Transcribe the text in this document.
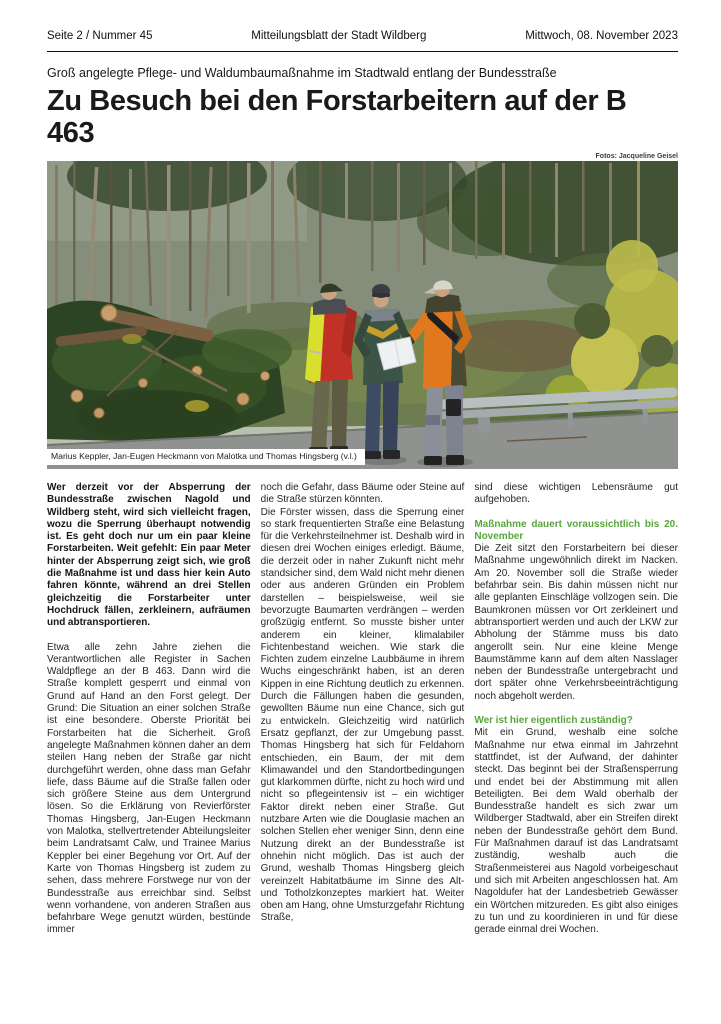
Seite 2 / Nummer 45	Mitteilungsblatt der Stadt Wildberg	Mittwoch, 08. November 2023
Groß angelegte Pflege- und Waldumbaumaßnahme im Stadtwald entlang der Bundesstraße
Zu Besuch bei den Forstarbeitern auf der B 463
Fotos: Jacqueline Geisel
Marius Keppler, Jan-Eugen Heckmann von Malotka und Thomas Hingsberg (v.l.)

Wer derzeit vor der Absperrung der Bundesstraße zwischen Nagold und Wildberg steht, wird sich vielleicht fragen, wozu die Sperrung überhaupt notwendig ist. Es geht doch nur um ein paar kleine Forstarbeiten. Weit gefehlt: Ein paar Meter hinter der Absperrung zeigt sich, wie groß die Maßnahme ist und dass hier kein Auto fahren könnte, während an drei Stellen gleichzeitig die Forstarbeiter unter Hochdruck fällen, zerkleinern, aufräumen und abtransportieren.

Etwa alle zehn Jahre ziehen die Verantwortlichen alle Register in Sachen Waldpflege an der B 463. Dann wird die Straße komplett gesperrt und einmal von Grund auf Hand an den Forst gelegt. Der Grund: Die Situation an einer solchen Straße ist eine besondere. Oberste Priorität bei Forstarbeiten hat die Sicherheit. Groß angelegte Maßnahmen können daher an dem steilen Hang neben der Straße gar nicht durchgeführt werden, ohne dass man Gefahr liefe, dass Bäume auf die Straße fallen oder sich größere Steine aus dem Untergrund lösen. So die Erklärung von Revierförster Thomas Hingsberg, Jan-Eugen Heckmann von Malotka, stellvertretender Abteilungsleiter beim Landratsamt Calw, und Trainee Marius Keppler bei einer Begehung vor Ort. Auf der Karte von Thomas Hingsberg ist zudem zu sehen, dass mehrere Forstwege nur von der Bundesstraße aus erreichbar sind. Selbst wenn vorhandene, von anderen Straßen aus befahrbare Wege genutzt würden, bestünde immer

noch die Gefahr, dass Bäume oder Steine auf die Straße stürzen könnten.

Die Förster wissen, dass die Sperrung einer so stark frequentierten Straße eine Belastung für die Verkehrsteilnehmer ist. Deshalb wird in diesen drei Wochen einiges erledigt. Bäume, die derzeit oder in naher Zukunft nicht mehr standsicher sind, dem Wald nicht mehr dienen oder aus anderen Gründen ein Problem darstellen – beispielsweise, weil sie bevorzugte Baumarten verdrängen – werden großzügig entfernt. So musste bisher unter anderem ein kleiner, klimalabiler Fichtenbestand weichen. Wie stark die Fichten zudem einzelne Laubbäume in ihrem Wuchs eingeschränkt haben, ist an deren Kippen in eine Richtung deutlich zu erkennen. Durch die Fällungen haben die gesunden, gewollten Bäume nun eine Chance, sich gut zu entwickeln. Gleichzeitig wird natürlich Ersatz gepflanzt, der zur Umgebung passt. Thomas Hingsberg hat sich für Feldahorn entschieden, ein Baum, der mit dem Klimawandel und den Standortbedingungen gut klarkommen dürfte, nicht zu hoch wird und nicht so pflegeintensiv ist – ein wichtiger Faktor direkt neben einer Straße. Gut nutzbare Arten wie die Douglasie machen an solchen Stellen eher weniger Sinn, denn eine Nutzung direkt an der Bundesstraße ist ohnehin nicht möglich. Das ist auch der Grund, weshalb Thomas Hingsberg gleich vereinzelt Habitatbäume im Sinne des Alt- und Totholzkonzeptes markiert hat. Weiter oben am Hang, ohne Umsturzgefahr Richtung Straße,

sind diese wichtigen Lebensräume gut aufgehoben.

Maßnahme dauert voraussichtlich bis 20. November

Die Zeit sitzt den Forstarbeitern bei dieser Maßnahme ungewöhnlich direkt im Nacken. Am 20. November soll die Straße wieder befahrbar sein. Bis dahin müssen nicht nur alle geplanten Einschläge vollzogen sein. Die Baumkronen müssen vor Ort zerkleinert und abtransportiert werden und auch der LKW zur Abholung der Stämme muss bis dato angerollt sein. Nur eine kleine Menge Baumstämme kann auf dem alten Nasslager neben der Bundesstraße untergebracht und dort später ohne Verkehrsbeeinträchtigung noch abgeholt werden.

Wer ist hier eigentlich zuständig?

Mit ein Grund, weshalb eine solche Maßnahme nur etwa einmal im Jahrzehnt stattfindet, ist der Aufwand, der dahinter steckt. Das beginnt bei der Straßensperrung und endet bei der Abstimmung mit allen Beteiligten. Bei dem Wald oberhalb der Bundesstraße handelt es sich zwar um Wildberger Stadtwald, aber ein Streifen direkt neben der Bundesstraße gehört dem Bund. Für Maßnahmen darauf ist das Landratsamt zuständig, weshalb auch die Straßenmeisterei aus Nagold vorbeigeschaut und sich mit Arbeiten angeschlossen hat. Am Nagoldufer hat der Landesbetrieb Gewässer ein Wörtchen mitzureden. Es gibt also einiges zu tun und zu koordinieren in und für diese gerade einmal drei Wochen.
